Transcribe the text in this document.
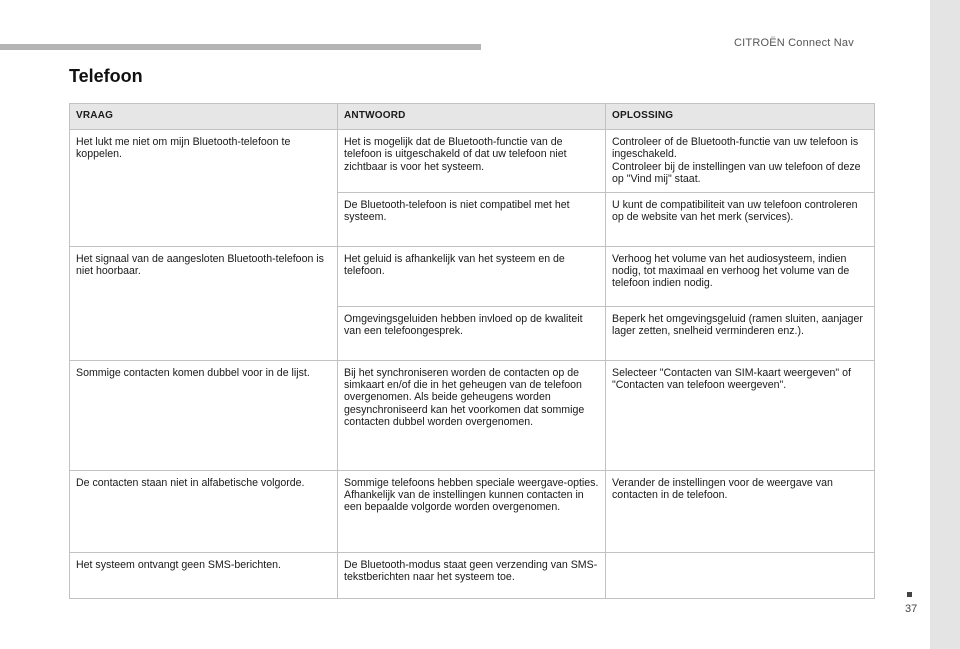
CITROËN Connect Nav
Telefoon
VRAAG	ANTWOORD	OPLOSSING
Het lukt me niet om mijn Bluetooth-telefoon te koppelen.	Het is mogelijk dat de Bluetooth-functie van de telefoon is uitgeschakeld of dat uw telefoon niet zichtbaar is voor het systeem.	Controleer of de Bluetooth-functie van uw telefoon is ingeschakeld.
Controleer bij de instellingen van uw telefoon of deze op "Vind mij" staat.
	De Bluetooth-telefoon is niet compatibel met het systeem.	U kunt de compatibiliteit van uw telefoon controleren op de website van het merk (services).
Het signaal van de aangesloten Bluetooth-telefoon is niet hoorbaar.	Het geluid is afhankelijk van het systeem en de telefoon.	Verhoog het volume van het audiosysteem, indien nodig, tot maximaal en verhoog het volume van de telefoon indien nodig.
	Omgevingsgeluiden hebben invloed op de kwaliteit van een telefoongesprek.	Beperk het omgevingsgeluid (ramen sluiten, aanjager lager zetten, snelheid verminderen enz.).
Sommige contacten komen dubbel voor in de lijst.	Bij het synchroniseren worden de contacten op de simkaart en/of die in het geheugen van de telefoon overgenomen. Als beide geheugens worden gesynchroniseerd kan het voorkomen dat sommige contacten dubbel worden overgenomen.	Selecteer "Contacten van SIM-kaart weergeven" of "Contacten van telefoon weergeven".
De contacten staan niet in alfabetische volgorde.	Sommige telefoons hebben speciale weergave-opties. Afhankelijk van de instellingen kunnen contacten in een bepaalde volgorde worden overgenomen.	Verander de instellingen voor de weergave van contacten in de telefoon.
Het systeem ontvangt geen SMS-berichten.	De Bluetooth-modus staat geen verzending van SMS-tekstberichten naar het systeem toe.	
37
